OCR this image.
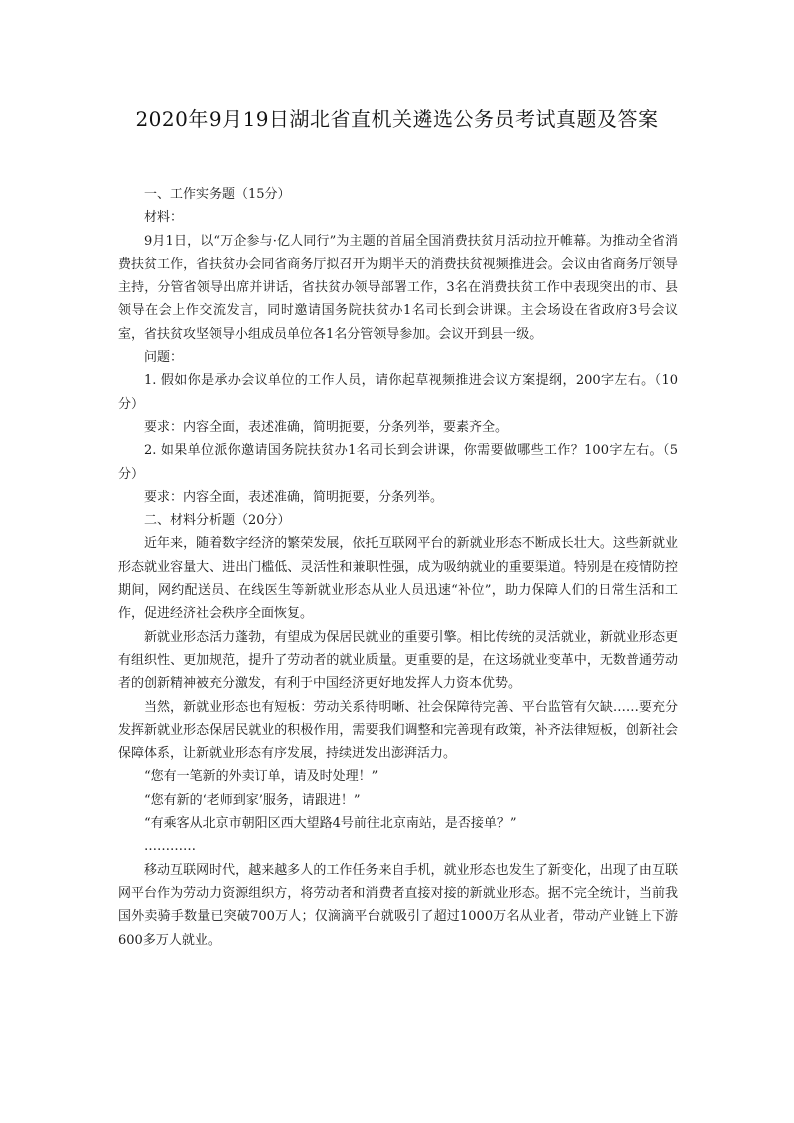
2020年9月19日湖北省直机关遴选公务员考试真题及答案

一、工作实务题（15分）

材料：

9月1日，以“万企参与·亿人同行”为主题的首届全国消费扶贫月活动拉开帷幕。为推动全省消费扶贫工作，省扶贫办会同省商务厅拟召开为期半天的消费扶贫视频推进会。会议由省商务厅领导主持，分管省领导出席并讲话，省扶贫办领导部署工作，3名在消费扶贫工作中表现突出的市、县领导在会上作交流发言，同时邀请国务院扶贫办1名司长到会讲课。主会场设在省政府3号会议室，省扶贫攻坚领导小组成员单位各1名分管领导参加。会议开到县一级。

问题：

1. 假如你是承办会议单位的工作人员，请你起草视频推进会议方案提纲，200字左右。（10分）

要求：内容全面，表述准确，简明扼要，分条列举，要素齐全。

2. 如果单位派你邀请国务院扶贫办1名司长到会讲课，你需要做哪些工作？100字左右。（5分）

要求：内容全面，表述准确，简明扼要，分条列举。

二、材料分析题（20分）

近年来，随着数字经济的繁荣发展，依托互联网平台的新就业形态不断成长壮大。这些新就业形态就业容量大、进出门槛低、灵活性和兼职性强，成为吸纳就业的重要渠道。特别是在疫情防控期间，网约配送员、在线医生等新就业形态从业人员迅速“补位”，助力保障人们的日常生活和工作，促进经济社会秩序全面恢复。

新就业形态活力蓬勃，有望成为保居民就业的重要引擎。相比传统的灵活就业，新就业形态更有组织性、更加规范，提升了劳动者的就业质量。更重要的是，在这场就业变革中，无数普通劳动者的创新精神被充分激发，有利于中国经济更好地发挥人力资本优势。

当然，新就业形态也有短板：劳动关系待明晰、社会保障待完善、平台监管有欠缺……要充分发挥新就业形态保居民就业的积极作用，需要我们调整和完善现有政策，补齐法律短板，创新社会保障体系，让新就业形态有序发展，持续迸发出澎湃活力。

“您有一笔新的外卖订单，请及时处理！”

“您有新的‘老师到家’服务，请跟进！”

“有乘客从北京市朝阳区西大望路4号前往北京南站，是否接单？”

…………

移动互联网时代，越来越多人的工作任务来自手机，就业形态也发生了新变化，出现了由互联网平台作为劳动力资源组织方，将劳动者和消费者直接对接的新就业形态。据不完全统计，当前我国外卖骑手数量已突破700万人；仅滴滴平台就吸引了超过1000万名从业者，带动产业链上下游600多万人就业。
